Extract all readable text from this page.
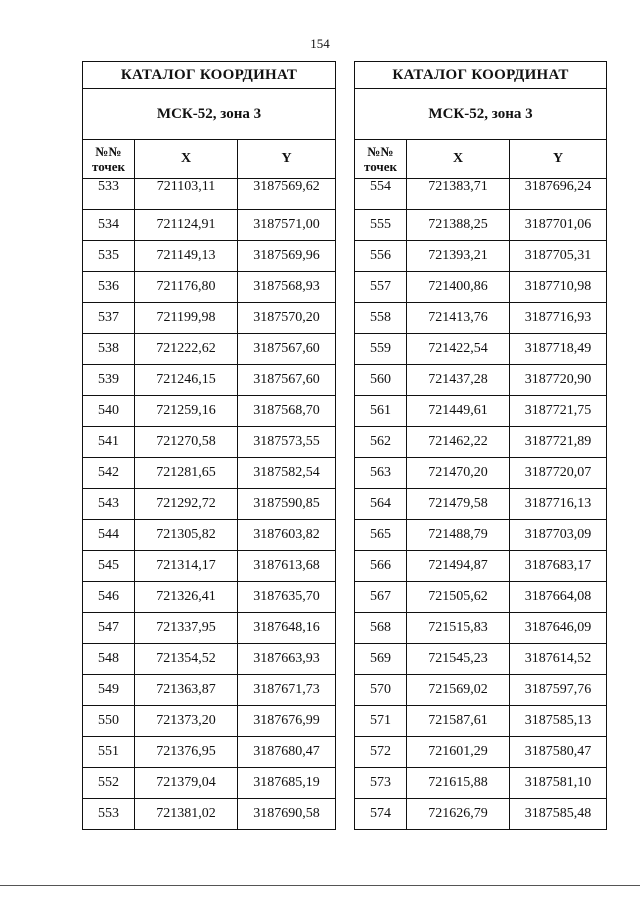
154
КАТАЛОГ КООРДИНАТ		
МСК-52, зона 3		
№№
точек	X	Y
533	721103,11	3187569,62
534	721124,91	3187571,00
535	721149,13	3187569,96
536	721176,80	3187568,93
537	721199,98	3187570,20
538	721222,62	3187567,60
539	721246,15	3187567,60
540	721259,16	3187568,70
541	721270,58	3187573,55
542	721281,65	3187582,54
543	721292,72	3187590,85
544	721305,82	3187603,82
545	721314,17	3187613,68
546	721326,41	3187635,70
547	721337,95	3187648,16
548	721354,52	3187663,93
549	721363,87	3187671,73
550	721373,20	3187676,99
551	721376,95	3187680,47
552	721379,04	3187685,19
553	721381,02	3187690,58
КАТАЛОГ КООРДИНАТ		
МСК-52, зона 3		
№№
точек	X	Y
554	721383,71	3187696,24
555	721388,25	3187701,06
556	721393,21	3187705,31
557	721400,86	3187710,98
558	721413,76	3187716,93
559	721422,54	3187718,49
560	721437,28	3187720,90
561	721449,61	3187721,75
562	721462,22	3187721,89
563	721470,20	3187720,07
564	721479,58	3187716,13
565	721488,79	3187703,09
566	721494,87	3187683,17
567	721505,62	3187664,08
568	721515,83	3187646,09
569	721545,23	3187614,52
570	721569,02	3187597,76
571	721587,61	3187585,13
572	721601,29	3187580,47
573	721615,88	3187581,10
574	721626,79	3187585,48
